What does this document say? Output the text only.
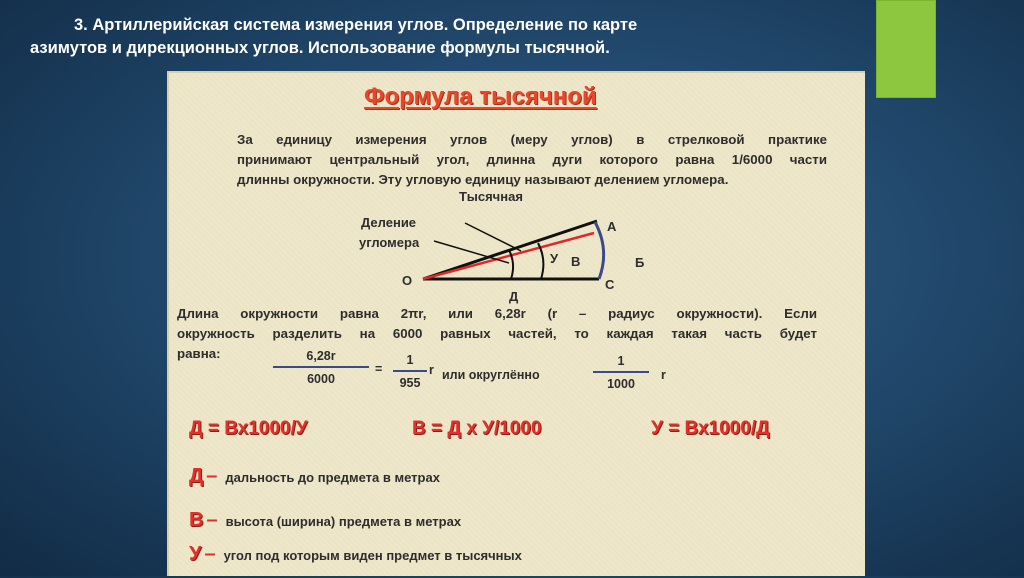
3. Артиллерийская система измерения углов. Определение по карте
азимутов и дирекционных углов. Использование формулы тысячной.
Формула тысячной
За единицу измерения углов (меру углов) в стрелковой практике
принимают центральный угол, длинна дуги которого равна 1/6000 части
длинны окружности. Эту угловую единицу называют делением угломера.
Тысячная
Деление
угломера
О
А
С
Д
У В	Б
Длина окружности равна 2πr, или 6,28r (r – радиус окружности). Если
окружность разделить на 6000 равных частей, то каждая такая часть будет
равна:	6,28r
6000
=
1
955
r или округлённо
1
1000
r
Д = Вх1000/У	В = Д х У/1000	У = Вх1000/Д
Д – дальность до предмета в метрах
В – высота (ширина) предмета в метрах
У – угол под которым виден предмет в тысячных
